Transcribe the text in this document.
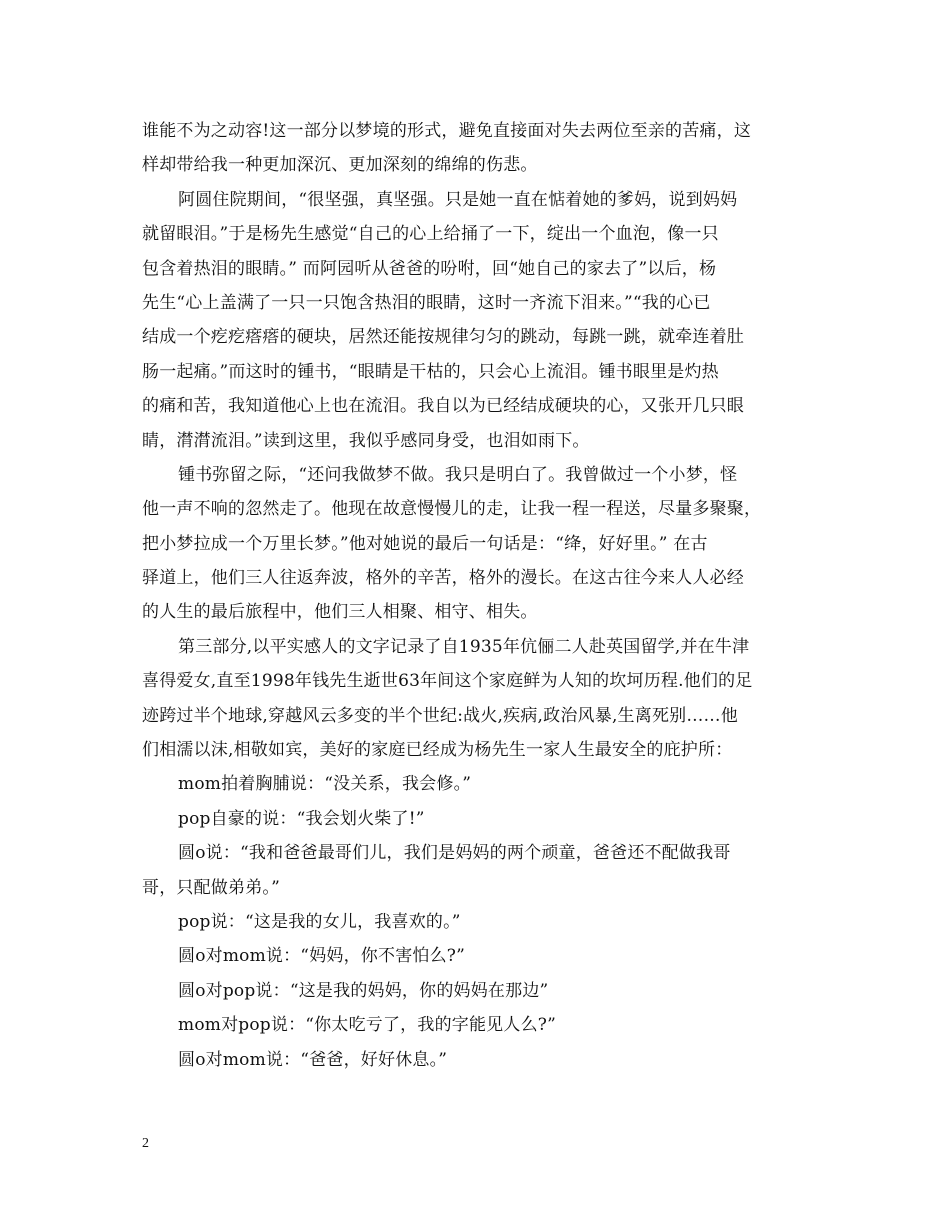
谁能不为之动容!这一部分以梦境的形式，避免直接面对失去两位至亲的苦痛，这
样却带给我一种更加深沉、更加深刻的绵绵的伤悲。
阿圆住院期间，“很坚强，真坚强。只是她一直在惦着她的爹妈，说到妈妈
就留眼泪。”于是杨先生感觉“自己的心上给捅了一下，绽出一个血泡，像一只
包含着热泪的眼睛。” 而阿园听从爸爸的吩咐，回“她自己的家去了”以后，杨
先生“心上盖满了一只一只饱含热泪的眼睛，这时一齐流下泪来。”“我的心已
结成一个疙疙瘩瘩的硬块，居然还能按规律匀匀的跳动，每跳一跳，就牵连着肚
肠一起痛。”而这时的锺书，“眼睛是干枯的，只会心上流泪。锺书眼里是灼热
的痛和苦，我知道他心上也在流泪。我自以为已经结成硬块的心，又张开几只眼
睛，潸潸流泪。”读到这里，我似乎感同身受，也泪如雨下。
锺书弥留之际，“还问我做梦不做。我只是明白了。我曾做过一个小梦，怪
他一声不响的忽然走了。他现在故意慢慢儿的走，让我一程一程送，尽量多聚聚，
把小梦拉成一个万里长梦。”他对她说的最后一句话是：“绛，好好里。” 在古
驿道上，他们三人往返奔波，格外的辛苦，格外的漫长。在这古往今来人人必经
的人生的最后旅程中，他们三人相聚、相守、相失。
第三部分,以平实感人的文字记录了自1935年伉俪二人赴英国留学,并在牛津
喜得爱女,直至1998年钱先生逝世63年间这个家庭鲜为人知的坎坷历程.他们的足
迹跨过半个地球,穿越风云多变的半个世纪:战火,疾病,政治风暴,生离死别……他
们相濡以沫,相敬如宾，美好的家庭已经成为杨先生一家人生最安全的庇护所：
mom拍着胸脯说：“没关系，我会修。”
pop自豪的说：“我会划火柴了!”
圆o说：“我和爸爸最哥们儿，我们是妈妈的两个顽童，爸爸还不配做我哥
哥，只配做弟弟。”
pop说：“这是我的女儿，我喜欢的。”
圆o对mom说：“妈妈，你不害怕么?”
圆o对pop说：“这是我的妈妈，你的妈妈在那边”
mom对pop说：“你太吃亏了，我的字能见人么?”
圆o对mom说：“爸爸，好好休息。”
2
